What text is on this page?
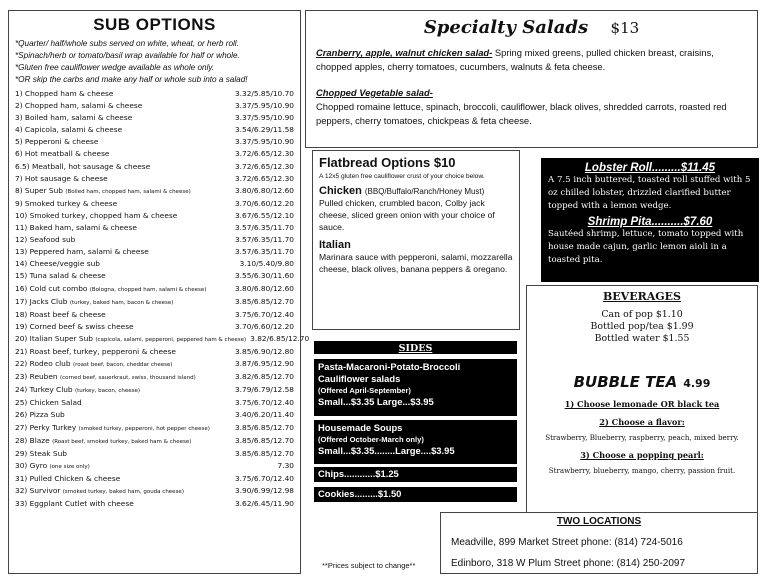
SUB OPTIONS
*Quarter/ half/whole subs served on white, wheat, or herb roll.
*Spinach/herb or tomato/basil wrap available for half or whole.
*Gluten free cauliflower wedge available as whole only.
*OR skip the carbs and make any half or whole sub into a salad!
1) Chopped ham & cheese	3.32/5.85/10.70
2) Chopped ham, salami & cheese	3.37/5.95/10.90
3) Boiled ham, salami & cheese	3.37/5.95/10.90
4) Capicola, salami & cheese	3.54/6.29/11.58
5) Pepperoni & cheese	3.37/5.95/10.90
6) Hot meatball & cheese	3.72/6.65/12.30
6.5) Meatball, hot sausage & cheese	3.72/6.65/12.30
7) Hot sausage & cheese	3.72/6.65/12.30
8) Super Sub (Boiled ham, chopped ham, salami & cheese)	3.80/6.80/12.60
9) Smoked turkey & cheese	3.70/6.60/12.20
10) Smoked turkey, chopped ham & cheese	3.67/6.55/12.10
11) Baked ham, salami & cheese	3.57/6.35/11.70
12) Seafood sub	3.57/6.35/11.70
13) Peppered ham, salami & cheese	3.57/6.35/11.70
14) Cheese/veggie sub	3.10/5.40/9.80
15) Tuna salad & cheese	3.55/6.30/11.60
16) Cold cut combo (Bologna, chopped ham, salami & cheese)	3.80/6.80/12.60
17) Jacks Club (turkey, baked ham, bacon & cheese)	3.85/6.85/12.70
18) Roast beef & cheese	3.75/6.70/12.40
19) Corned beef & swiss cheese	3.70/6.60/12.20
20) Italian Super Sub (capicola, salami, pepperoni, peppered ham & cheese) 3.82/6.85/12.70
21) Roast beef, turkey, pepperoni & cheese	3.85/6.90/12.80
22) Rodeo club (roast beef, bacon, cheddar cheese)	3.87/6.95/12.90
23) Reuben (corned beef, sauerkraut, swiss, thousand island)	3.82/6.85/12.70
24) Turkey Club (turkey, bacon, cheese)	3.79/6.79/12.58
25) Chicken Salad	3.75/6.70/12.40
26) Pizza Sub	3.40/6.20/11.40
27) Perky Turkey (smoked turkey, pepperoni, hot pepper cheese)	3.85/6.85/12.70
28) Blaze (Roast beef, smoked turkey, baked ham & cheese)	3.85/6.85/12.70
29) Steak Sub	3.85/6.85/12.70
30) Gyro (one size only)	7.30
31) Pulled Chicken & cheese	3.75/6.70/12.40
32) Survivor (smoked turkey, baked ham, gouda cheese)	3.90/6.99/12.98
33) Eggplant Cutlet with cheese	3.62/6.45/11.90
Specialty Salads $13
Cranberry, apple, walnut chicken salad- Spring mixed greens, pulled chicken breast, craisins, chopped apples, cherry tomatoes, cucumbers, walnuts & feta cheese.
Chopped Vegetable salad-
Chopped romaine lettuce, spinach, broccoli, cauliflower, black olives, shredded carrots, roasted red peppers, cherry tomatoes, chickpeas & feta cheese.
Flatbread Options $10
A 12x5 gluten free cauliflower crust of your choice below.
Chicken (BBQ/Buffalo/Ranch/Honey Must)
Pulled chicken, crumbled bacon, Colby jack cheese, sliced green onion with your choice of sauce.
Italian
Marinara sauce with pepperoni, salami, mozzarella cheese, black olives, banana peppers & oregano.
Lobster Roll.........$11.45
A 7.5 inch buttered, toasted roll stuffed with 5 oz chilled lobster, drizzled clarified butter topped with a lemon wedge.
Shrimp Pita..........$7.60
Sautéed shrimp, lettuce, tomato topped with house made cajun, garlic lemon aioli in a toasted pita.
BEVERAGES
Can of pop $1.10
Bottled pop/tea $1.99
Bottled water $1.55
BUBBLE TEA 4.99
1) Choose lemonade OR black tea
2) Choose a flavor:
Strawberry, Blueberry, raspberry, peach, mixed berry.
3) Choose a popping pearl:
Strawberry, blueberry, mango, cherry, passion fruit.
SIDES
Pasta-Macaroni-Potato-Broccoli Cauliflower salads
(Offered April-September)
Small...$3.35 Large...$3.95
Housemade Soups
(Offered October-March only)
Small...$3.35........Large....$3.95
Chips............$1.25
Cookies.........$1.50
TWO LOCATIONS
Meadville, 899 Market Street phone: (814) 724-5016
Edinboro, 318 W Plum Street phone: (814) 250-2097
**Prices subject to change**
